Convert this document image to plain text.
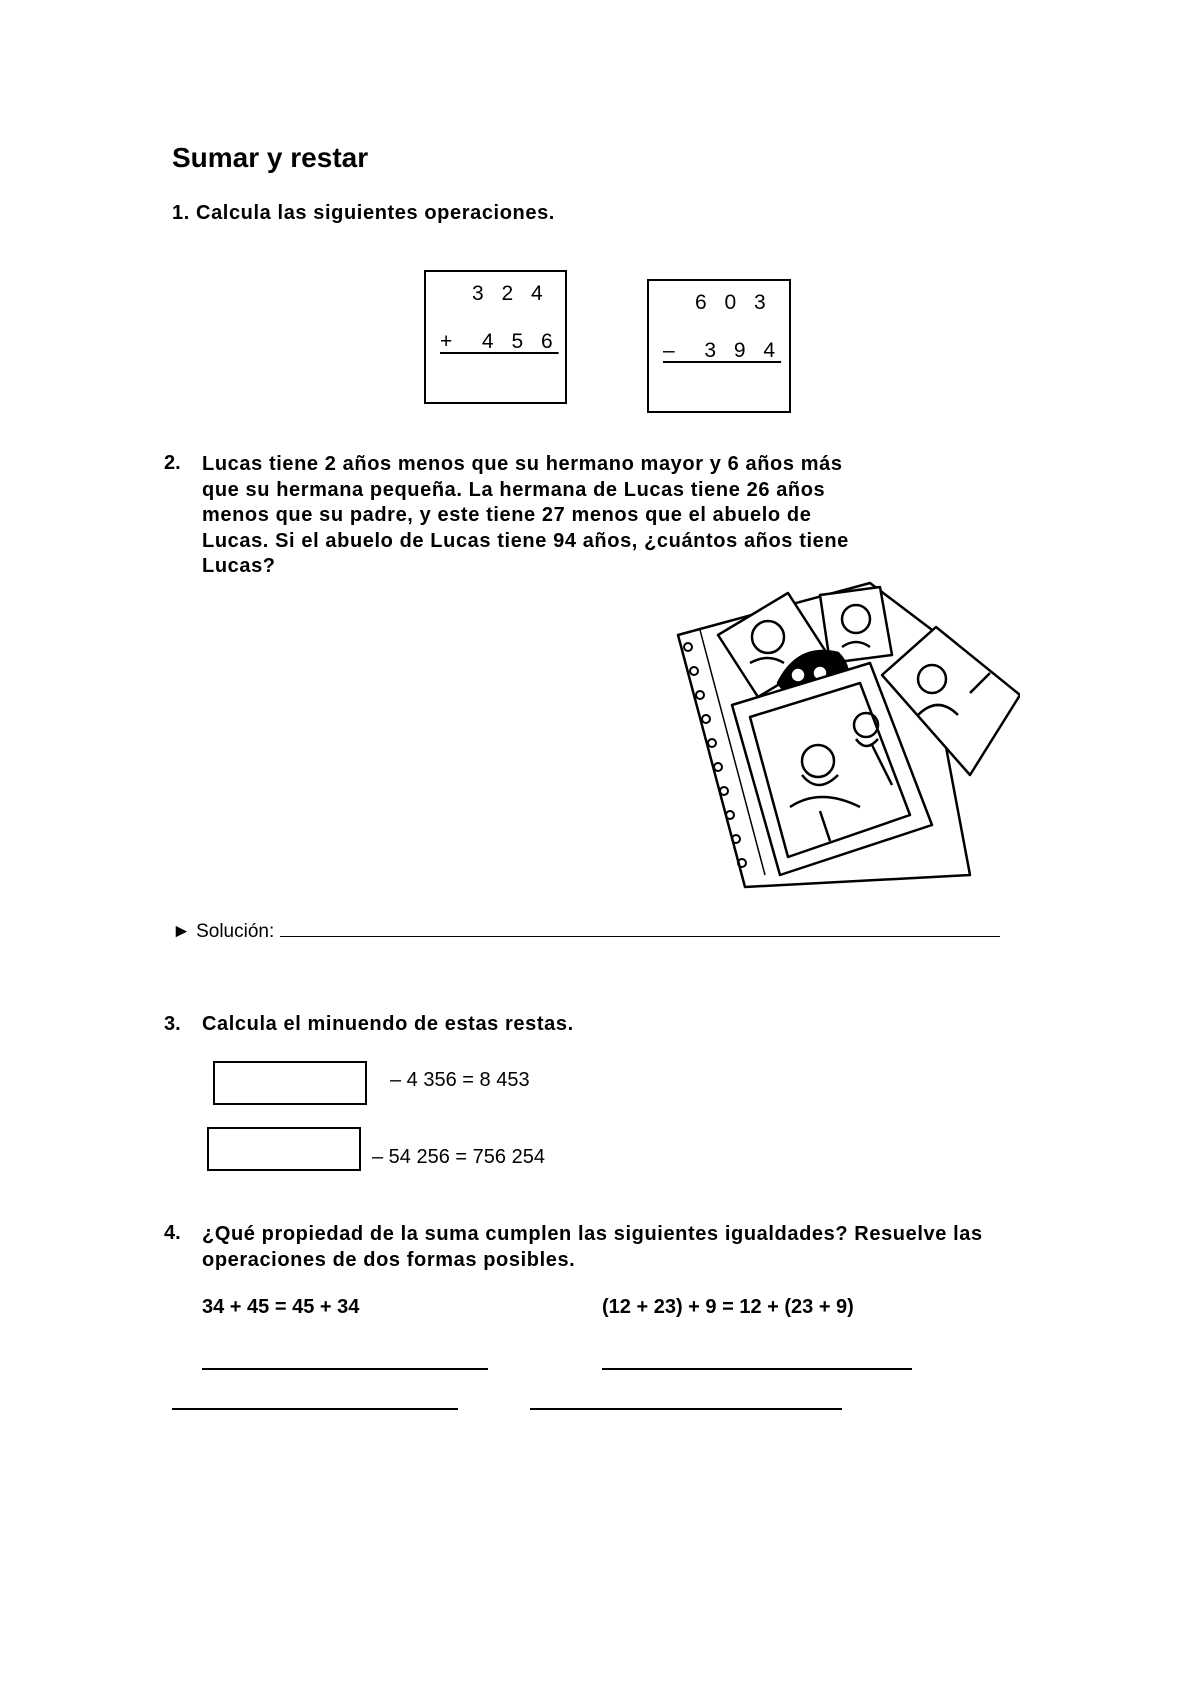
Sumar y restar
1. Calcula las siguientes operaciones.
3 2 4
+  4 5 6
6 0 3
–  3 9 4
2. Lucas tiene 2 años menos que su hermano mayor y 6 años más
que su hermana pequeña. La hermana de Lucas tiene 26 años
menos que su padre, y este tiene 27 menos que el abuelo de
Lucas. Si el abuelo de Lucas tiene 94 años, ¿cuántos años tiene
Lucas?
► Solución:
3. Calcula el minuendo de estas restas.
– 4 356 = 8 453
– 54 256 = 756 254
4. ¿Qué propiedad de la suma cumplen las siguientes igualdades? Resuelve las
operaciones de dos formas posibles.
34 + 45 = 45 + 34	(12 + 23) + 9 = 12 + (23 + 9)
